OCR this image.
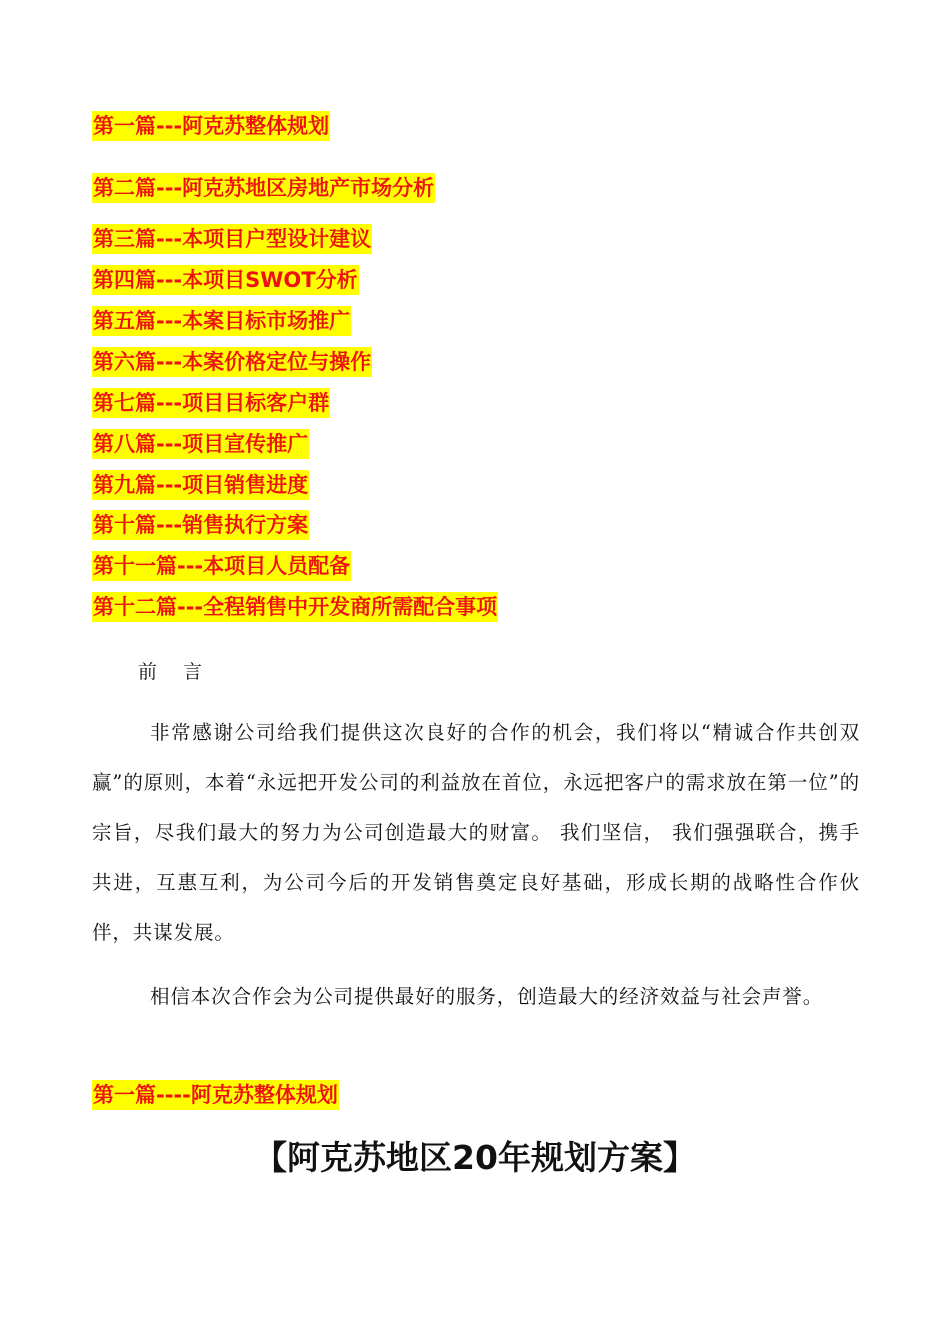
第一篇---阿克苏整体规划
第二篇---阿克苏地区房地产市场分析
第三篇---本项目户型设计建议
第四篇---本项目SWOT分析
第五篇---本案目标市场推广
第六篇---本案价格定位与操作
第七篇---项目目标客户群
第八篇---项目宣传推广
第九篇---项目销售进度
第十篇---销售执行方案
第十一篇---本项目人员配备
第十二篇---全程销售中开发商所需配合事项
前言

非常感谢公司给我们提供这次良好的合作的机会，我们将以“精诚合作共创双赢”的原则，本着“永远把开发公司的利益放在首位，永远把客户的需求放在第一位”的宗旨，尽我们最大的努力为公司创造最大的财富。 我们坚信， 我们强强联合，携手共进，互惠互利，为公司今后的开发销售奠定良好基础，形成长期的战略性合作伙伴，共谋发展。

相信本次合作会为公司提供最好的服务，创造最大的经济效益与社会声誉。

第一篇----阿克苏整体规划
【阿克苏地区20年规划方案】
